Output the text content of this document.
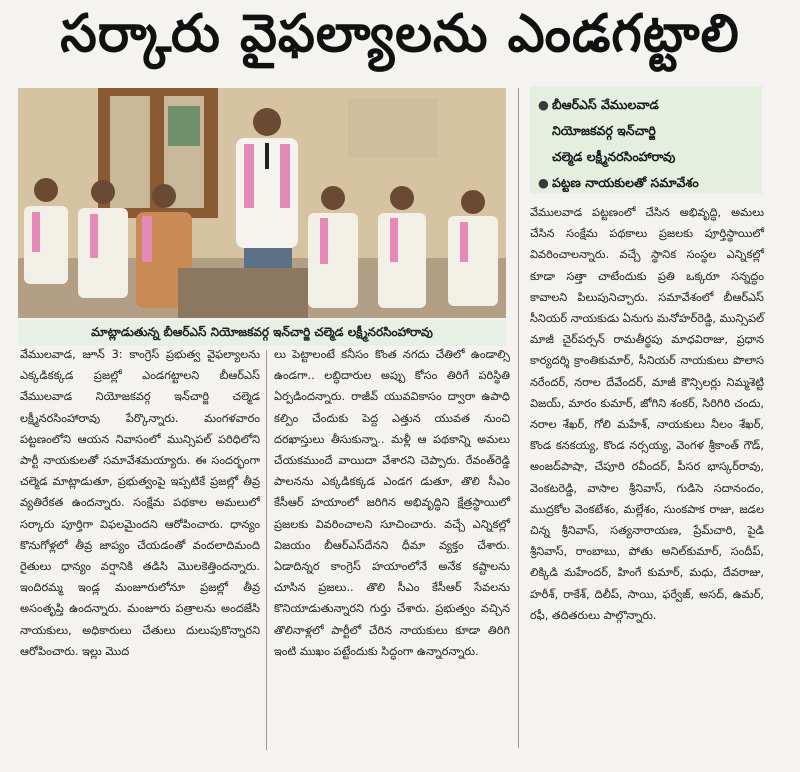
సర్కారు వైఫల్యాలను ఎండగట్టాలి
మాట్లాడుతున్న బీఆర్ఎస్ నియోజకవర్గ ఇన్‌చార్జి చల్మెడ లక్ష్మీనరసింహారావు
● బీఆర్ఎస్ వేములవాడ
నియోజకవర్గ ఇన్‌చార్జి
చల్మెడ లక్ష్మీనరసింహారావు
● పట్టణ నాయకులతో సమావేశం

వేములవాడ, జూన్ 3: కాంగ్రెస్ ప్రభుత్వ వైఫల్యాలను ఎక్కడికక్కడ ప్రజల్లో ఎండగట్టాలని బీఆర్ఎస్ వేములవాడ నియోజకవర్గ ఇన్‌చార్జి చల్మెడ లక్ష్మీనరసింహారావు పేర్కొన్నారు. మంగళవారం పట్టణంలోని ఆయన నివాసంలో మున్సిపల్ పరిధిలోని పార్టీ నాయకులతో సమావేశమయ్యారు. ఈ సందర్భంగా చల్మెడ మాట్లాడుతూ, ప్రభుత్వంపై ఇప్పటికే ప్రజల్లో తీవ్ర వ్యతిరేకత ఉందన్నారు. సంక్షేమ పథకాల అమలులో సర్కారు పూర్తిగా విఫలమైందని ఆరోపించారు. ధాన్యం కొనుగోళ్లలో తీవ్ర జాప్యం చేయడంతో వందలాదిమంది రైతులు ధాన్యం వర్షానికి తడిసి మొలకెత్తిందన్నారు. ఇందిరమ్మ ఇండ్ల మంజూరులోనూ ప్రజల్లో తీవ్ర అసంతృప్తి ఉందన్నారు. మంజూరు పత్రాలను అందజేసి నాయకులు, అధికారులు చేతులు దులుపుకొన్నారని ఆరోపించారు. ఇల్లు మొద

లు పెట్టాలంటే కనీసం కొంత నగదు చేతిలో ఉండాల్సి ఉండగా.. లబ్ధిదారుల అప్పు కోసం తిరిగే పరిస్థితి ఏర్పడిందన్నారు. రాజీవ్ యువవికాసం ద్వారా ఉపాధి కల్పిం చేందుకు పెద్ద ఎత్తున యువత నుంచి దరఖాస్తులు తీసుకున్నా.. మళ్లీ ఆ పథకాన్ని అమలు చేయకముందే వాయిదా వేశారని చెప్పారు. రేవంత్‌రెడ్డి పాలనను ఎక్కడికక్కడ ఎండగ డుతూ, తొలి సీఎం కేసీఆర్ హయాంలో జరిగిన అభివృద్ధిని క్షేత్రస్థాయిలో ప్రజలకు వివరించాలని సూచించారు. వచ్చే ఎన్నికల్లో విజయం బీఆర్ఎస్‌దేనని ధీమా వ్యక్తం చేశారు. ఏడాదిన్నర కాంగ్రెస్ హయాంలోనే అనేక కష్టాలను చూసిన ప్రజలు.. తొలి సీఎం కేసీఆర్ సేవలను కొనియాడుతున్నారని గుర్తు చేశారు. ప్రభుత్వం వచ్చిన తొలినాళ్లలో పార్టీలో చేరిన నాయకులు కూడా తిరిగి ఇంటి ముఖం పట్టేందుకు సిద్ధంగా ఉన్నారన్నారు.

వేములవాడ పట్టణంలో చేసిన అభివృద్ధి, అమలు చేసిన సంక్షేమ పథకాలు ప్రజలకు పూర్తిస్థాయిలో వివరించాలన్నారు. వచ్చే స్థానిక సంస్థల ఎన్నికల్లో కూడా సత్తా చాటేందుకు ప్రతి ఒక్కరూ సన్నద్ధం కావాలని పిలుపునిచ్చారు. సమావేశంలో బీఆర్ఎస్ సీనియర్ నాయకుడు ఏనుగు మనోహర్‌రెడ్డి, మున్సిపల్ మాజీ చైర్‌పర్సన్ రామతీర్థపు మాధవిరాజు, ప్రధాన కార్యదర్శి క్రాంతికుమార్, సీనియర్ నాయకులు పొలాస నరేందర్, నరాల దేవేందర్, మాజీ కౌన్సిలర్లు నిమ్మశెట్టి విజయ్, మారం కుమార్, జోగిని శంకర్, సిరిగిరి చందు, నరాల శేఖర్, గోలి మహేశ్, నాయకులు నీలం శేఖర్, కొండ కనకయ్య, కొండ నర్సయ్య, వెంగళ శ్రీకాంత్ గౌడ్, అంజద్‌పాషా, చేపూరి రవీందర్, పీసర భాస్కర్‌రావు, వెంకటరెడ్డి, వాసాల శ్రీనివాస్, గుడిసె సదానందం, ముద్రకోల వెంకటేశం, మల్లేశం, సుంకపాక రాజు, జడల చిన్న శ్రీనివాస్, సత్యనారాయణ, ప్రేమ్‌చారి, పైడి శ్రీనివాస్, రాంబాబు, పోతు అనిల్‌కుమార్, సందీప్, లిక్కిడి మహేందర్, హింగే కుమార్, మధు, దేవరాజు, హరీశ్, రాకేశ్, దిలీప్, సాయి, ఫర్వేజ్, అసద్, ఉమర్, రఫీ, తదితరులు పాల్గొన్నారు.
